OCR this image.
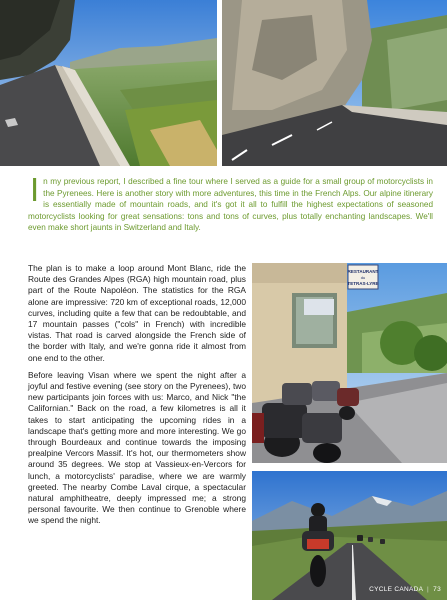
I n my previous report, I described a fine tour where I served as a guide for a small group of motorcyclists in the Pyrenees. Here is another story with more adventures, this time in the French Alps. Our alpine itinerary is essentially made of mountain roads, and it's got it all to fulfill the highest expectations of seasoned motorcyclists looking for great sensations: tons and tons of curves, plus totally enchanting landscapes. We'll even make short jaunts in Switzerland and Italy.

The plan is to make a loop around Mont Blanc, ride the Route des Grandes Alpes (RGA) high mountain road, plus part of the Route Napoléon. The statistics for the RGA alone are impressive: 720 km of exceptional roads, 12,000 curves, including quite a few that can be redoubtable, and 17 mountain passes ("cols" in French) with incredible vistas. That road is carved alongside the French side of the border with Italy, and we're gonna ride it almost from one end to the other.

Before leaving Visan where we spent the night after a joyful and festive evening (see story on the Pyrenees), two new participants join forces with us: Marco, and Nick "the Californian." Back on the road, a few kilometres is all it takes to start anticipating the upcoming rides in a landscape that's getting more and more interesting. We go through Bourdeaux and continue towards the imposing prealpine Vercors Massif. It's hot, our thermometers show around 35 degrees. We stop at Vassieux-en-Vercors for lunch, a motorcyclists' paradise, where we are warmly greeted. The nearby Combe Laval cirque, a spectacular natural amphitheatre, deeply impressed me; a strong personal favourite. We then continue to Grenoble where we spend the night.

RESTAURANT
du
TETRAS-LYRE
CYCLE CANADA | 73
